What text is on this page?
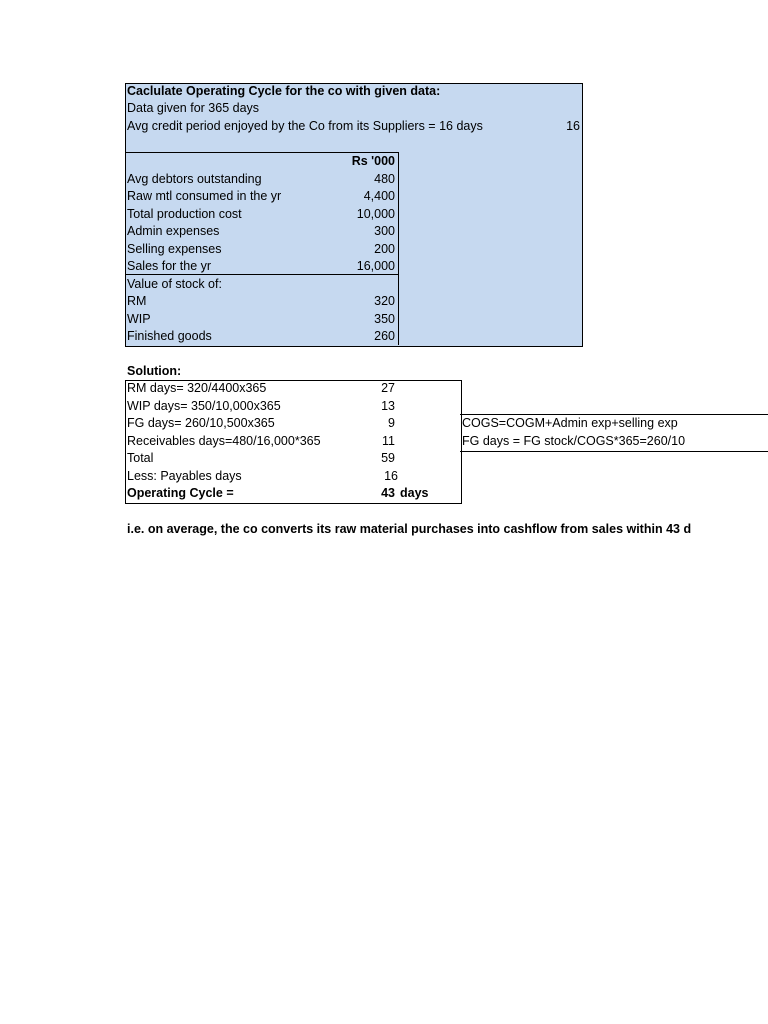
Caclulate Operating Cycle for the co with given data:
Data given for 365 days
Avg credit period enjoyed by the Co from its Suppliers = 16 days	16
Rs '000
Avg debtors outstanding	480
Raw mtl consumed in the yr	4,400
Total production cost	10,000
Admin expenses	300
Selling expenses	200
Sales for the yr	16,000
Value of stock of:
RM	320
WIP	350
Finished goods	260
Solution:
RM days= 320/4400x365	27
WIP days= 350/10,000x365	13
FG days= 260/10,500x365	9
Receivables days=480/16,000*365	11
Total	59
Less: Payables days	16
Operating Cycle =	43 days
COGS=COGM+Admin exp+selling exp
FG days = FG stock/COGS*365=260/10
i.e. on average, the co converts its raw material purchases into cashflow from sales within 43 d
